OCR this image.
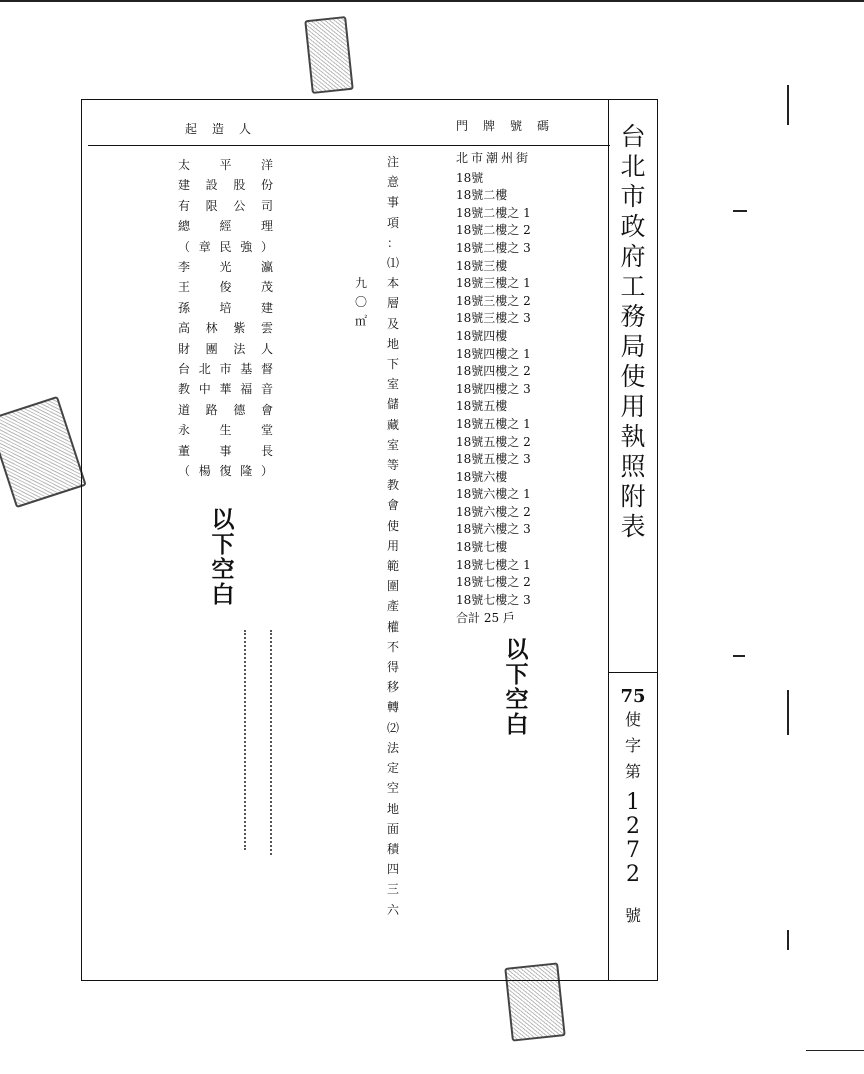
門牌號碼
起造人
北市潮州街
18號
18號二樓
18號二樓之 1
18號二樓之 2
18號二樓之 3
18號三樓
18號三樓之 1
18號三樓之 2
18號三樓之 3
18號四樓
18號四樓之 1
18號四樓之 2
18號四樓之 3
18號五樓
18號五樓之 1
18號五樓之 2
18號五樓之 3
18號六樓
18號六樓之 1
18號六樓之 2
18號六樓之 3
18號七樓
18號七樓之 1
18號七樓之 2
18號七樓之 3
合計 25 戶
以
下
空
白
以
下
空
白
注
意
事
項
：
⑴
本
層
及
地
下
室
儲
藏
室
等
教
會
使
用
範
圍
產
權
不
得
移
轉
⑵
法
定
空
地
面
積
四
三
六
九
〇
㎡
太 平 洋
建 設 股 份
有 限 公 司
總 經 理
（ 章 民 強 ）
李 光 瀛
王 俊 茂
孫 培 建
高 林 紫 雲
財 團 法 人
台 北 市 基 督
教 中 華 福 音
道 路 德 會
永 生 堂
董 事 長
（ 楊 復 隆 ）
台
北
市
政
府
工
務
局
使
用
執
照
附
表
75
使
字
第
1
2
7
2
號
